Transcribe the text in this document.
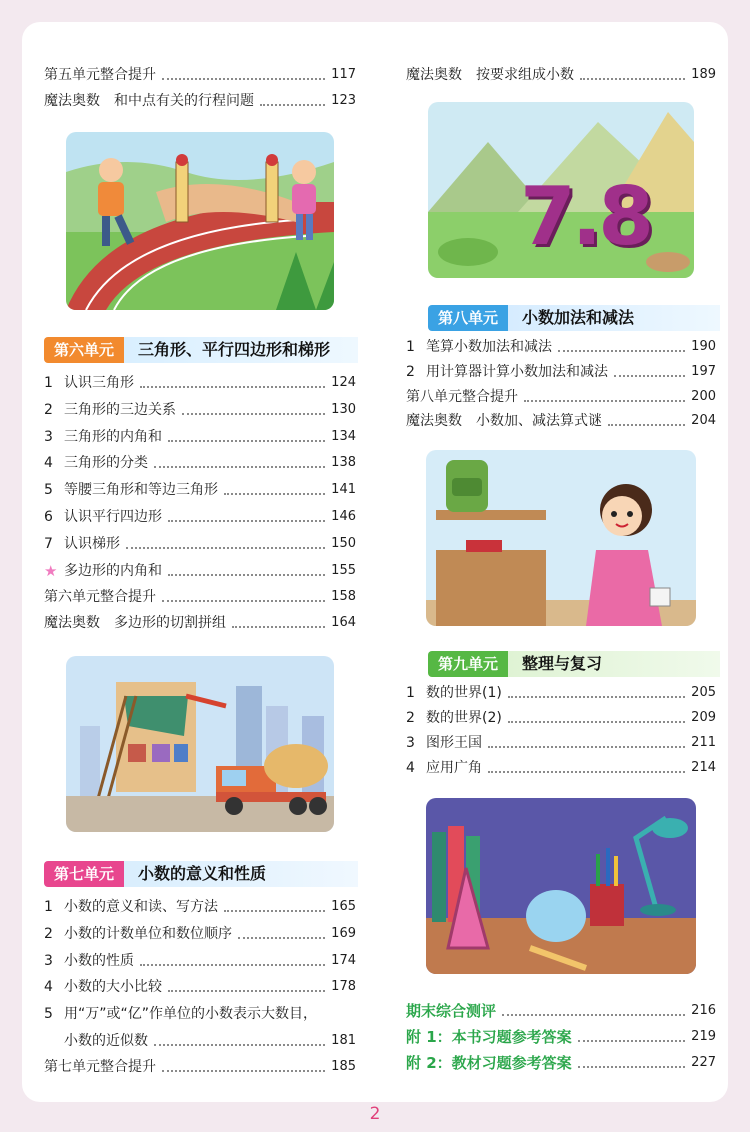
第五单元整合提升	117
魔法奥数　和中点有关的行程问题	123
第六单元	三角形、平行四边形和梯形
1 认识三角形	124
2 三角形的三边关系	130
3 三角形的内角和	134
4 三角形的分类	138
5 等腰三角形和等边三角形	141
6 认识平行四边形	146
7 认识梯形	150
★ 多边形的内角和	155
第六单元整合提升	158
魔法奥数　多边形的切割拼组	164
第七单元	小数的意义和性质
1 小数的意义和读、写方法	165
2 小数的计数单位和数位顺序	169
3 小数的性质	174
4 小数的大小比较	178
5 用“万”或“亿”作单位的小数表示大数目，
小数的近似数	181
第七单元整合提升	185
魔法奥数　按要求组成小数	189
7.8
第八单元	小数加法和减法
1 笔算小数加法和减法	190
2 用计算器计算小数加法和减法	197
第八单元整合提升	200
魔法奥数　小数加、减法算式谜	204
第九单元	整理与复习
1 数的世界(1)	205
2 数的世界(2)	209
3 图形王国	211
4 应用广角	214
期末综合测评	216
附 1：本书习题参考答案	219
附 2：教材习题参考答案	227
2
